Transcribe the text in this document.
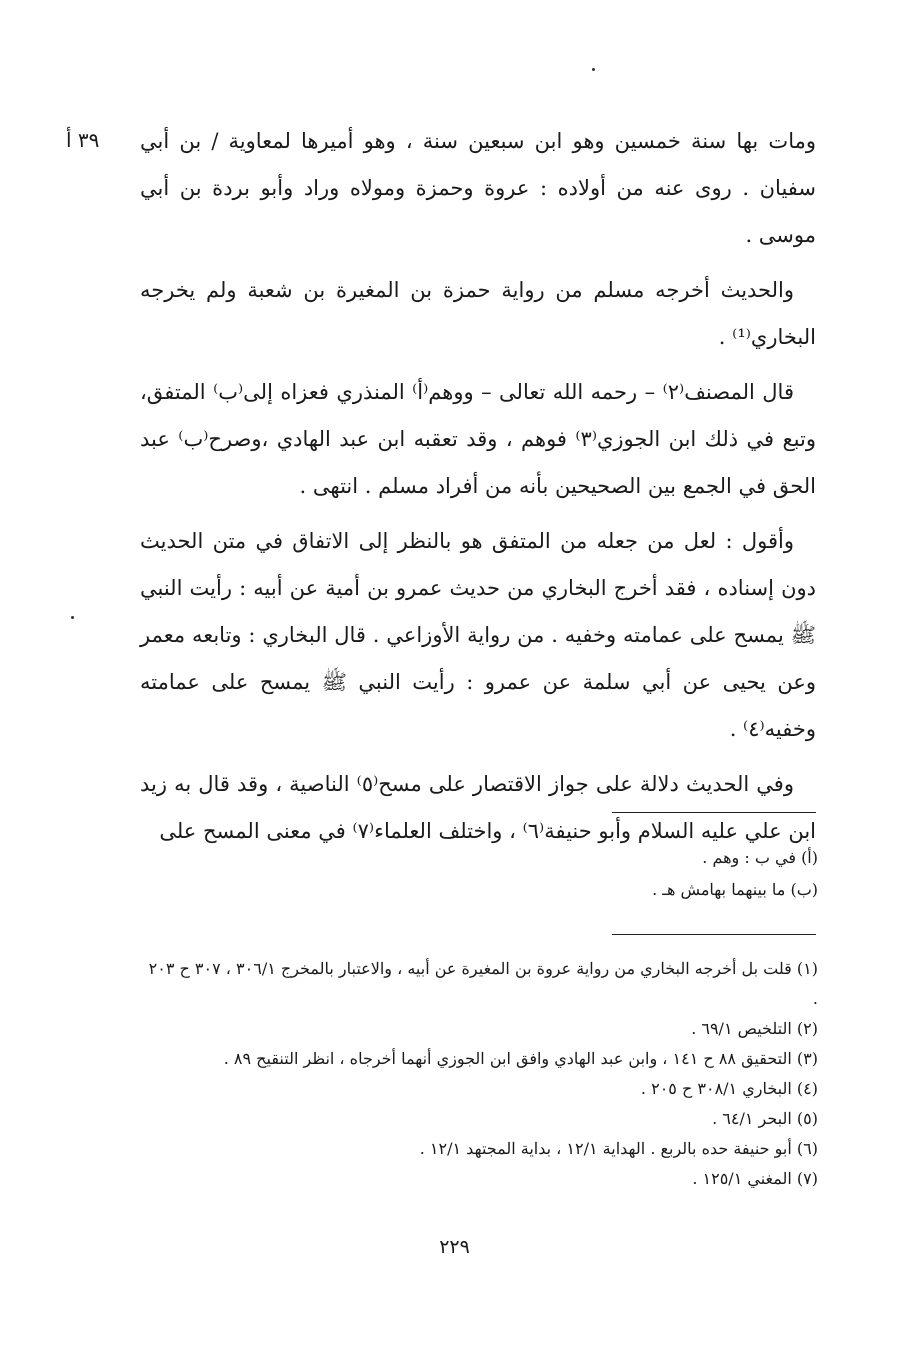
٣٩ أ ومات بها سنة خمسين وهو ابن سبعين سنة ، وهو أميرها لمعاوية / بن أبي سفيان . روى عنه من أولاده : عروة وحمزة ومولاه وراد وأبو بردة بن أبي موسى .

والحديث أخرجه مسلم من رواية حمزة بن المغيرة بن شعبة ولم يخرجه البخاري⁽¹⁾ .

قال المصنف⁽٢⁾ – رحمه الله تعالى – ووهم⁽أ⁾ المنذري فعزاه إلى⁽ب⁾ المتفق، وتبع في ذلك ابن الجوزي⁽٣⁾ فوهم ، وقد تعقبه ابن عبد الهادي ،وصرح⁽ب⁾ عبد الحق في الجمع بين الصحيحين بأنه من أفراد مسلم . انتهى .

وأقول : لعل من جعله من المتفق هو بالنظر إلى الاتفاق في متن الحديث دون إسناده ، فقد أخرج البخاري من حديث عمرو بن أمية عن أبيه : رأيت النبي ﷺ يمسح على عمامته وخفيه . من رواية الأوزاعي . قال البخاري : وتابعه معمر وعن يحيى عن أبي سلمة عن عمرو : رأيت النبي ﷺ يمسح على عمامته وخفيه⁽٤⁾ .

وفي الحديث دلالة على جواز الاقتصار على مسح⁽٥⁾ الناصية ، وقد قال به زيد ابن علي عليه السلام وأبو حنيفة⁽٦⁾ ، واختلف العلماء⁽٧⁾ في معنى المسح على

(أ) في ب : وهم .
(ب) ما بينهما بهامش هـ .
(١) قلت بل أخرجه البخاري من رواية عروة بن المغيرة عن أبيه ، والاعتبار بالمخرج ٣٠٦/١ ، ٣٠٧ ح ٢٠٣ .
(٢) التلخيص ٦٩/١ .
(٣) التحقيق ٨٨ ح ١٤١ ، وابن عبد الهادي وافق ابن الجوزي أنهما أخرجاه ، انظر التنقيح ٨٩ .
(٤) البخاري ٣٠٨/١ ح ٢٠٥ .
(٥) البحر ٦٤/١ .
(٦) أبو حنيفة حده بالربع . الهداية ١٢/١ ، بداية المجتهد ١٢/١ .
(٧) المغني ١٢٥/١ .
٢٢٩
